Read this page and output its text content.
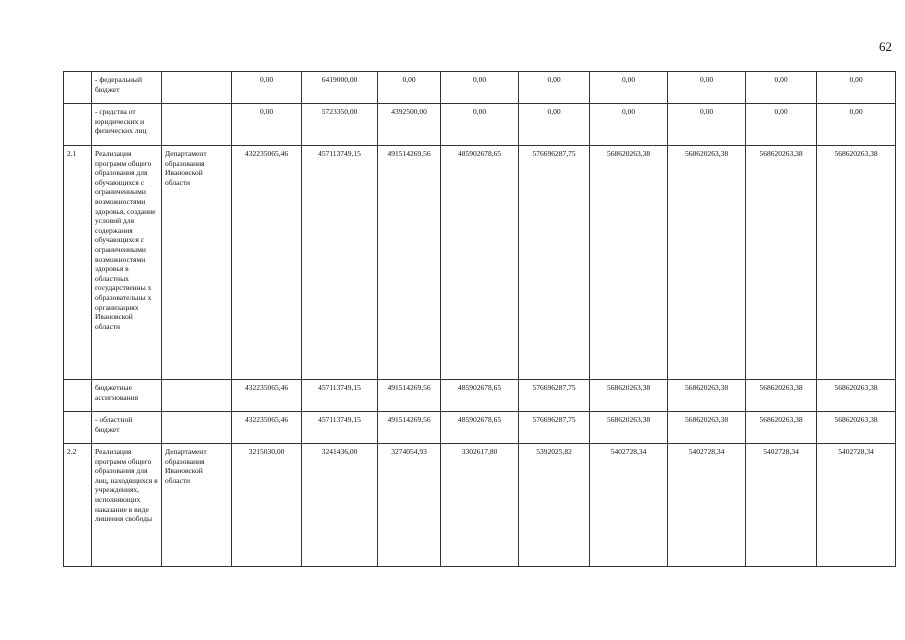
62
	- федеральный бюджет		0,00	6419000,00	0,00	0,00	0,00	0,00	0,00	0,00	0,00
	- средства от юридических и физических лиц		0,00	5723350,00	4392500,00	0,00	0,00	0,00	0,00	0,00	0,00
2.1	Реализация программ общего образования для обучающихся с ограниченными возможностями здоровья, создание условий для содержания обучающихся с ограниченными возможностями здоровья в областных государственны х образовательны х организациях Ивановской области	Департамент образования Ивановской области	432235065,46	457113749,15	491514269,56	485902678,65	576696287,75	568620263,38	568620263,38	568620263,38	568620263,38
	бюджетные ассигнования		432235065,46	457113749,15	491514269,56	485902678,65	576696287,75	568620263,38	568620263,38	568620263,38	568620263,38
	- областной бюджет		432235065,46	457113749,15	491514269,56	485902678,65	576696287,75	568620263,38	568620263,38	568620263,38	568620263,38
2.2	Реализация программ общего образования для лиц, находящихся в учреждениях, исполняющих наказание в виде лишения свободы	Департамент образования Ивановской области	3215030,00	3241436,00	3274054,93	3302617,80	5392025,82	5402728,34	5402728,34	5402728,34	5402728,34
